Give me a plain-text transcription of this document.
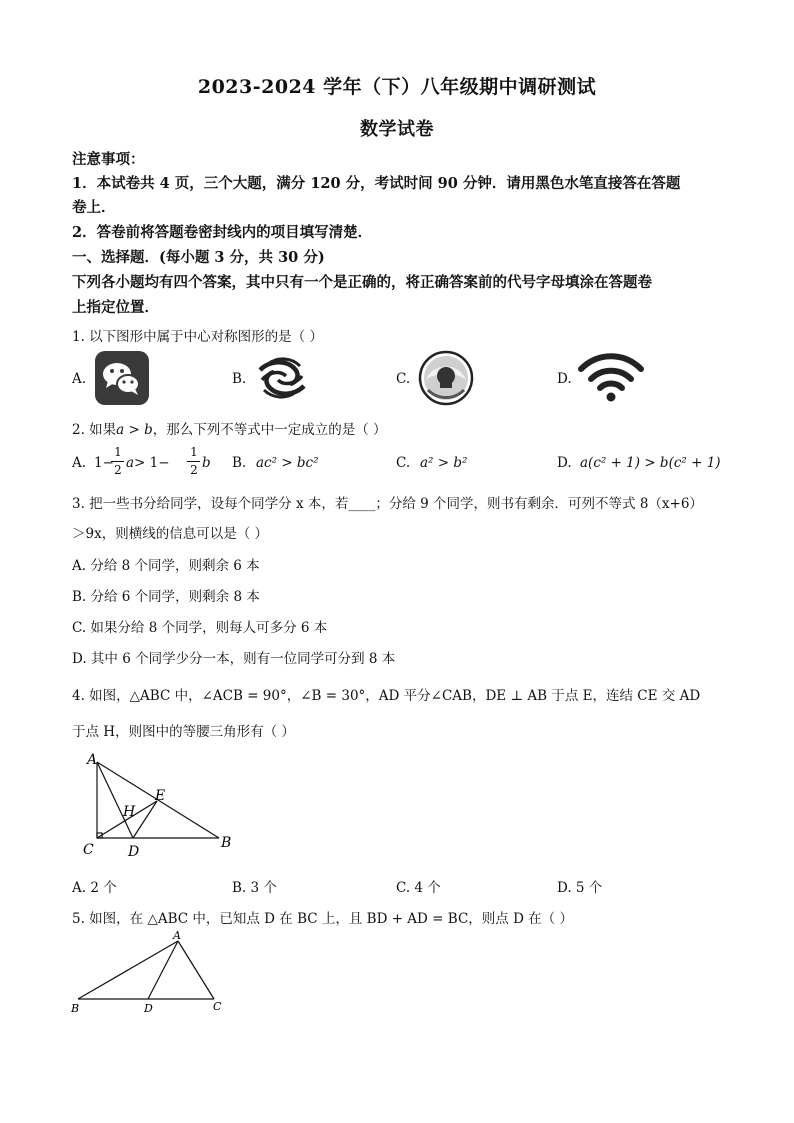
2023-2024 学年（下）八年级期中调研测试
数学试卷
注意事项：
1．本试卷共 4 页，三个大题，满分 120 分，考试时间 90 分钟．请用黑色水笔直接答在答题
卷上．
2．答卷前将答题卷密封线内的项目填写清楚．
一、选择题．(每小题 3 分，共 30 分)
下列各小题均有四个答案，其中只有一个是正确的，将正确答案前的代号字母填涂在答题卷
上指定位置．
1. 以下图形中属于中心对称图形的是（ ）
A.	B.	C.	D.
2. 如果a > b，那么下列不等式中一定成立的是（ ）
A. 1−
1
2 a > 1−
1
2 b B. ac² > bc²	C. a² > b²	D. a(c² + 1) > b(c² + 1)
3. 把一些书分给同学，设每个同学分 x 本，若____；分给 9 个同学，则书有剩余．可列不等式 8（x+6）
＞9x，则横线的信息可以是（ ）
A. 分给 8 个同学，则剩余 6 本
B. 分给 6 个同学，则剩余 8 本
C. 如果分给 8 个同学，则每人可多分 6 本
D. 其中 6 个同学少分一本，则有一位同学可分到 8 本
4. 如图，△ABC 中，∠ACB = 90°，∠B = 30°，AD 平分∠CAB，DE ⊥ AB 于点 E，连结 CE 交 AD
于点 H，则图中的等腰三角形有（ ）
A
B
C D
E
H
A. 2 个	B. 3 个	C. 4 个	D. 5 个
5. 如图，在 △ABC 中，已知点 D 在 BC 上，且 BD + AD = BC，则点 D 在（ ）
A
B	D	C
